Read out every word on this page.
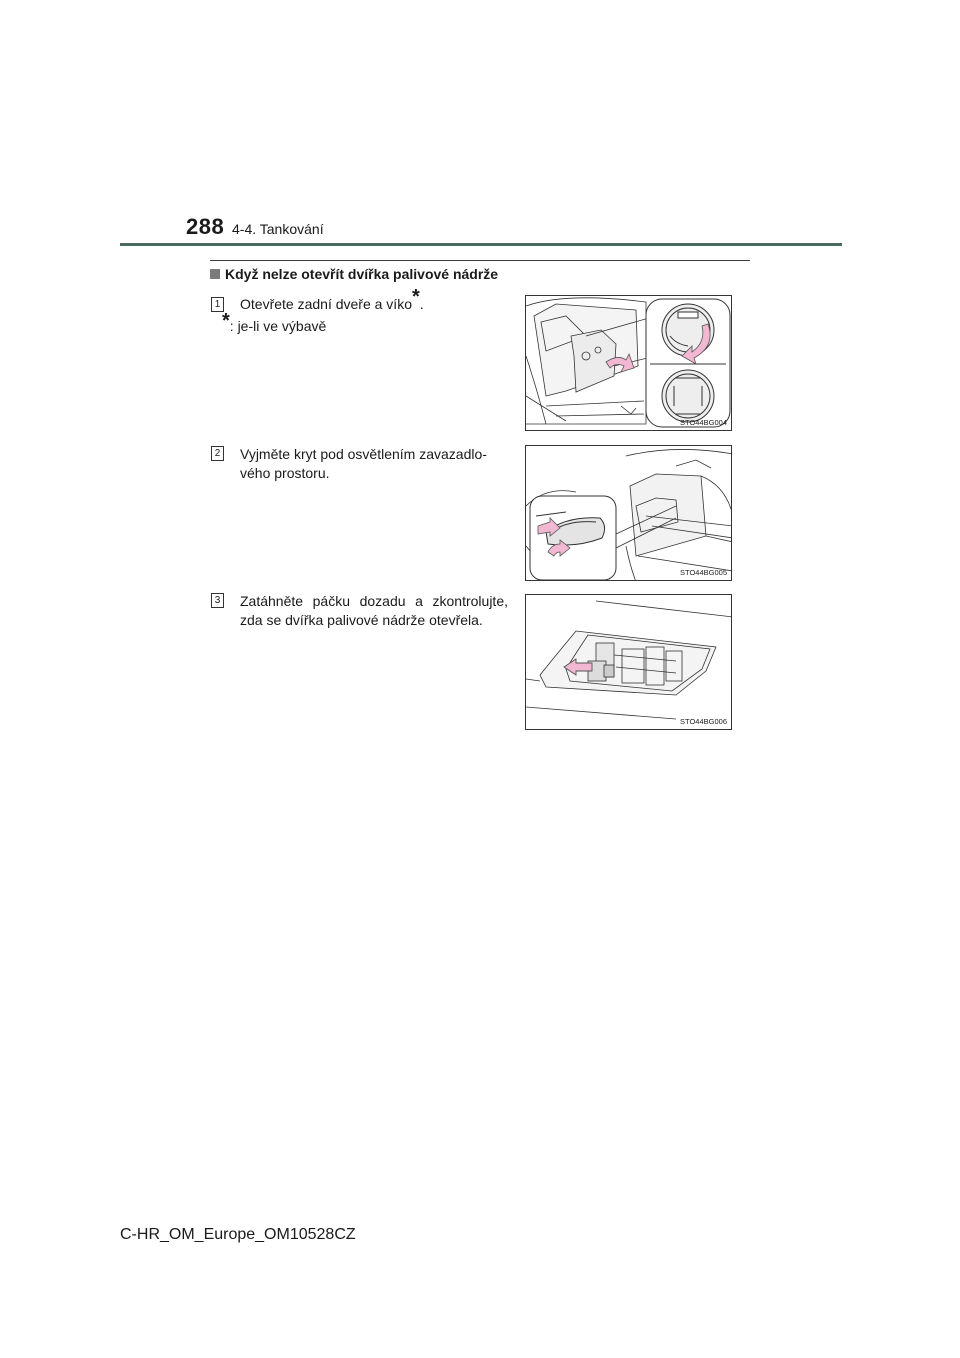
288 4-4. Tankování
Když nelze otevřít dvířka palivové nádrže
1 Otevřete zadní dveře a víko*.
*: je-li ve výbavě
STO44BG004
2 Vyjměte kryt pod osvětlením zavazadlo-vého prostoru.
STO44BG005
3 Zatáhněte páčku dozadu a zkontrolujte, zda se dvířka palivové nádrže otevřela.
STO44BG006
C-HR_OM_Europe_OM10528CZ
